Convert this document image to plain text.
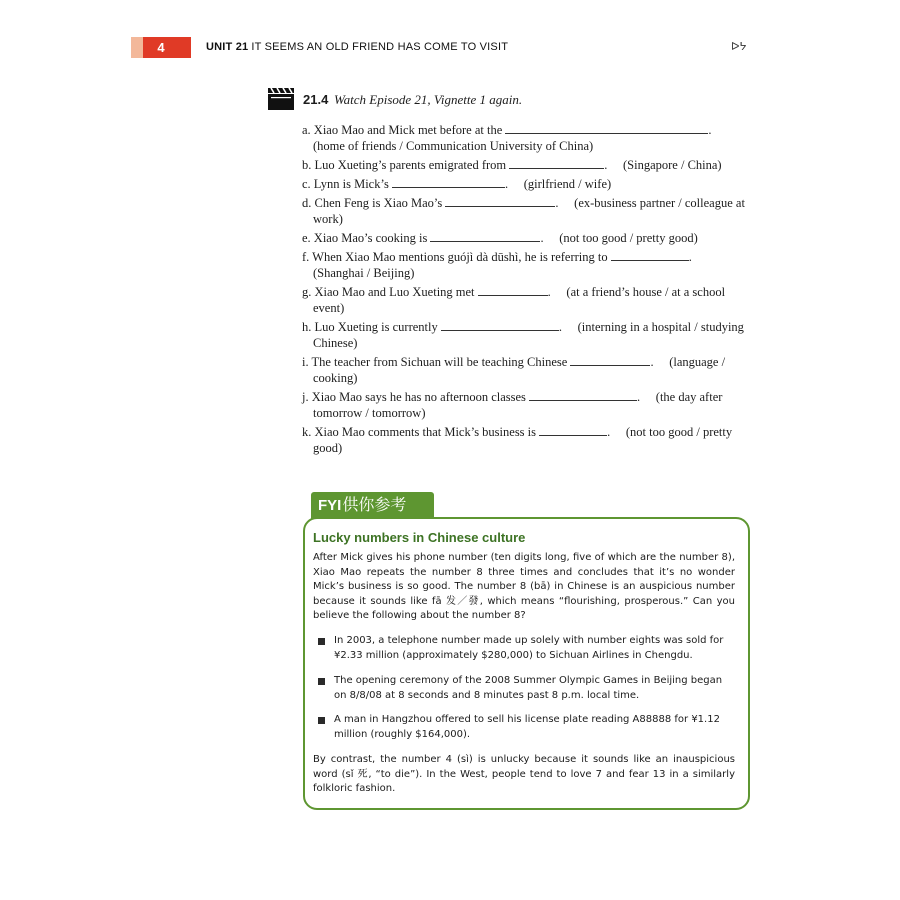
4	UNIT 21 IT SEEMS AN OLD FRIEND HAS COME TO VISIT	ᐅᔭ
21.4 Watch Episode 21, Vignette 1 again.
a. Xiao Mao and Mick met before at the	.
(home of friends / Communication University of China)
b. Luo Xueting’s parents emigrated from	.     (Singapore / China)
c. Lynn is Mick’s	.     (girlfriend / wife)
d. Chen Feng is Xiao Mao’s	.     (ex-business partner / colleague at
work)
e. Xiao Mao’s cooking is	.     (not too good / pretty good)
f. When Xiao Mao mentions guójì dà dūshì, he is referring to	.
(Shanghai / Beijing)
g. Xiao Mao and Luo Xueting met	.     (at a friend’s house / at a school
event)
h. Luo Xueting is currently	.     (interning in a hospital / studying
Chinese)
i. The teacher from Sichuan will be teaching Chinese	.     (language /
cooking)
j. Xiao Mao says he has no afternoon classes	.     (the day after
tomorrow / tomorrow)
k. Xiao Mao comments that Mick’s business is	.     (not too good / pretty
good)
FYI供你参考
Lucky numbers in Chinese culture
After Mick gives his phone number (ten digits long, five of which are the number 8), Xiao Mao repeats the number 8 three times and concludes that it’s no wonder Mick’s business is so good. The number 8 (bā) in Chinese is an auspicious number because it sounds like fā 发／發, which means “flourishing, prosperous.” Can you believe the following about the number 8?
In 2003, a telephone number made up solely with number eights was sold for ¥2.33 million (approximately $280,000) to Sichuan Airlines in Chengdu.
The opening ceremony of the 2008 Summer Olympic Games in Beijing began on 8/8/08 at 8 seconds and 8 minutes past 8 p.m. local time.
A man in Hangzhou offered to sell his license plate reading A88888 for ¥1.12 million (roughly $164,000).
By contrast, the number 4 (sì) is unlucky because it sounds like an inauspicious word (sǐ 死, “to die”). In the West, people tend to love 7 and fear 13 in a similarly folkloric fashion.
